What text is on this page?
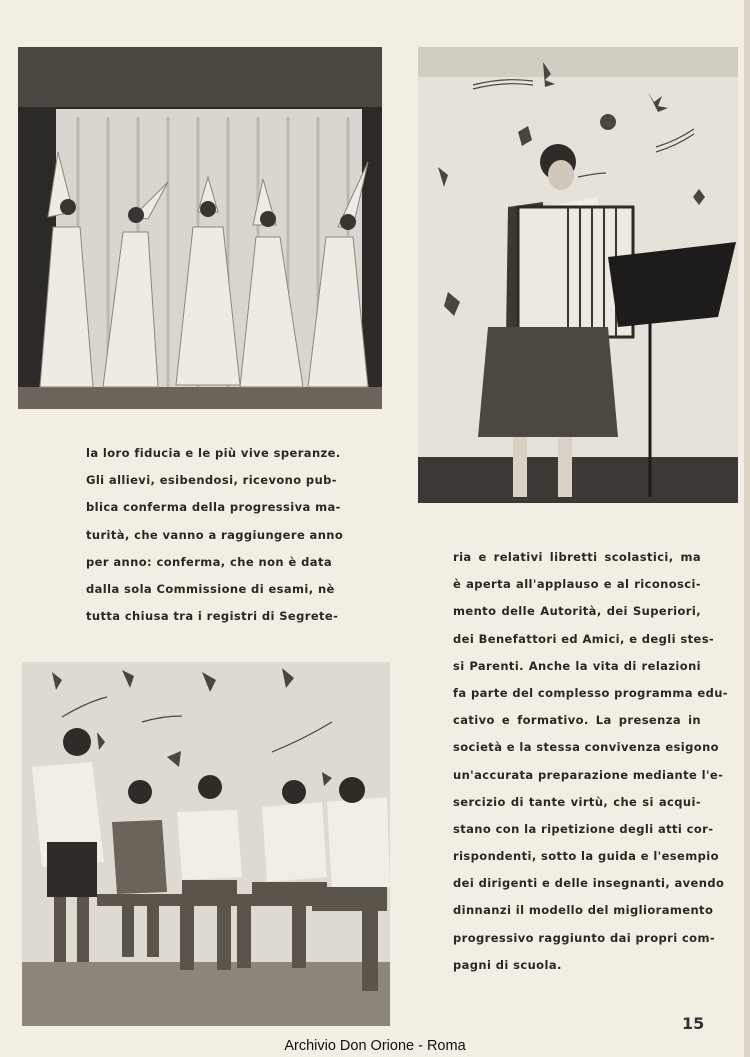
la loro fiducia e le più vive speranze.
Gli allievi, esibendosi, ricevono pub-
blica conferma della progressiva ma-
turità, che vanno a raggiungere anno
per anno: conferma, che non è data
dalla sola Commissione di esami, nè
tutta chiusa tra i registri di Segrete-
ria e relativi libretti scolastici, ma
è aperta all'applauso e al riconosci-
mento delle Autorità, dei Superiori,
dei Benefattori ed Amici, e degli stes-
si Parenti. Anche la vita di relazioni
fa parte del complesso programma edu-
cativo e formativo. La presenza in
società e la stessa convivenza esigono
un'accurata preparazione mediante l'e-
sercizio di tante virtù, che si acqui-
stano con la ripetizione degli atti cor-
rispondenti, sotto la guida e l'esempio
dei dirigenti e delle insegnanti, avendo
dinnanzi il modello del miglioramento
progressivo raggiunto dai propri com-
pagni di scuola.
15
Archivio Don Orione - Roma
